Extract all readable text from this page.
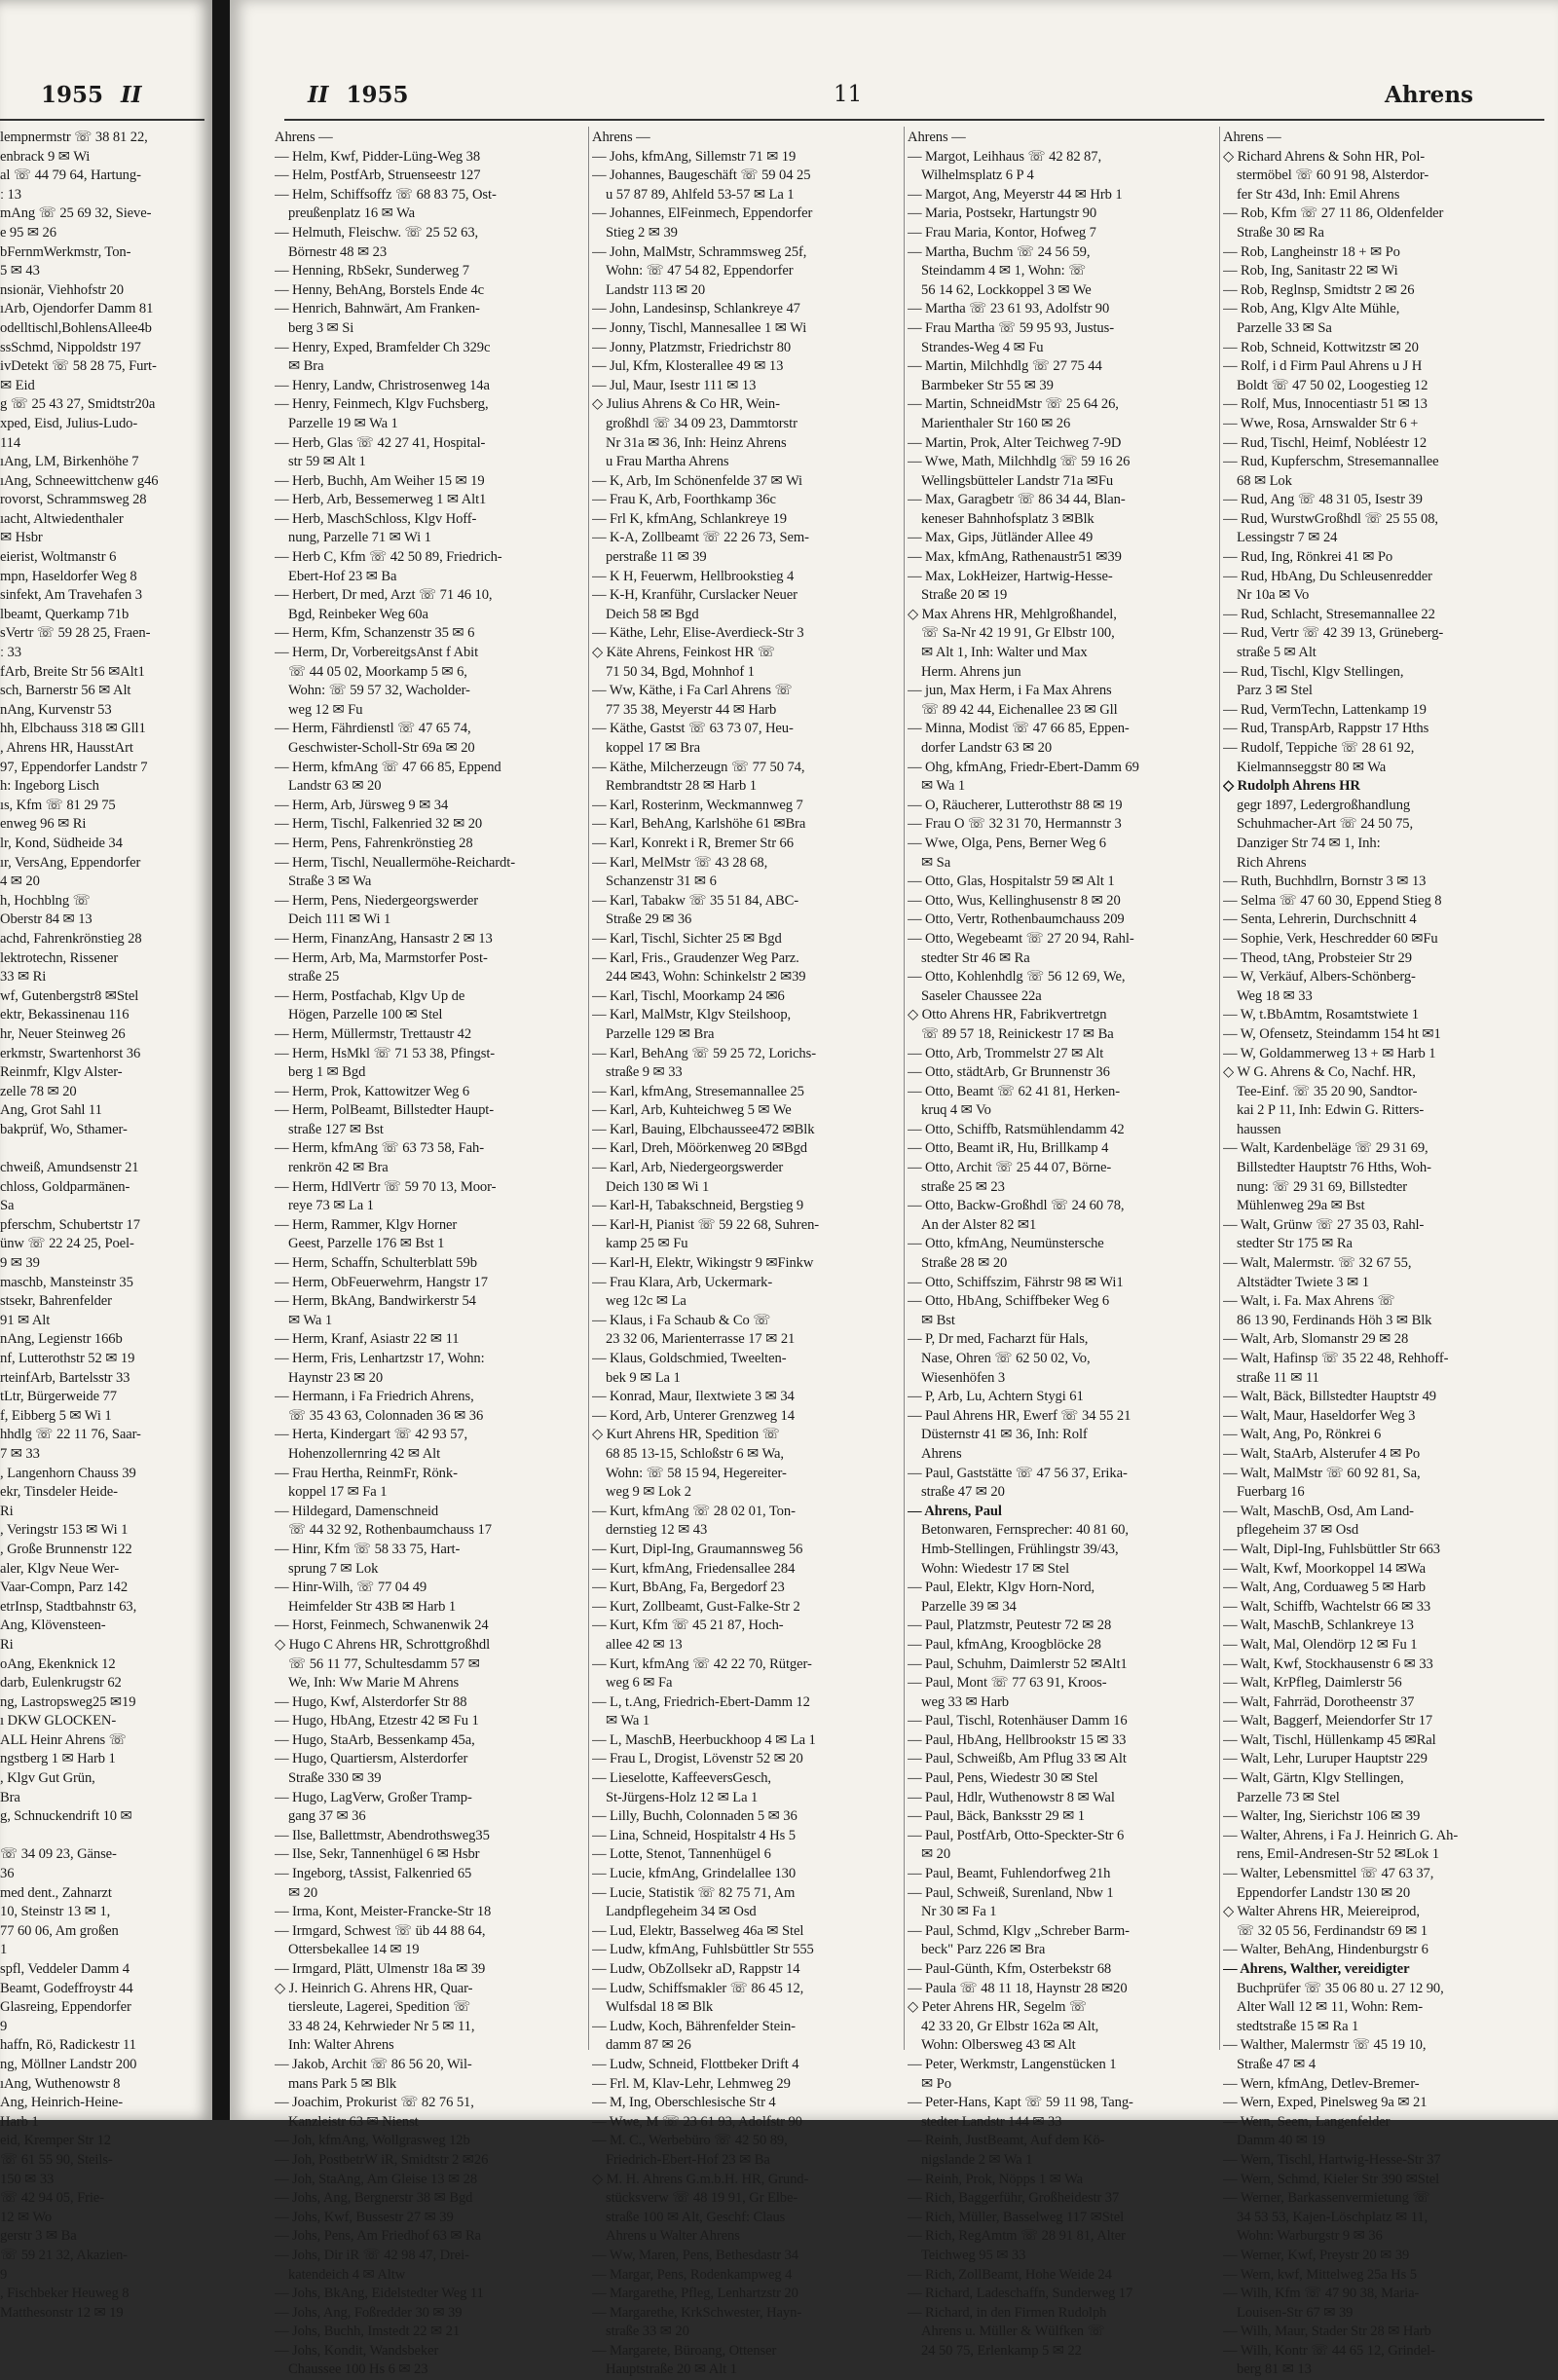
1955 II
lempnermstr ☏ 38 81 22,
enbrack 9 ✉ Wi
al ☏ 44 79 64, Hartung-
ː 13
mAng ☏ 25 69 32, Sieve-
e 95 ✉ 26
bFernmWerkmstr, Ton-
5 ✉ 43
nsionär, Viehhofstr 20
ıArb, Ojendorfer Damm 81
odelltischl,BohlensAllee4b
ssSchmd, Nippoldstr 197
ivDetekt ☏ 58 28 75, Furt-
✉ Eid
g ☏ 25 43 27, Smidtstr20a
xped, Eisd, Julius-Ludo-
114
ıAng, LM, Birkenhöhe 7
ıAng, Schneewittchenw g46
rovorst, Schrammsweg 28
ıacht, Altwiedenthaler
✉ Hsbr
eierist, Woltmanstr 6
mpn, Haseldorfer Weg 8
sinfekt, Am Travehafen 3
lbeamt, Querkamp 71b
sVertr ☏ 59 28 25, Fraen-
ː 33
fArb, Breite Str 56 ✉Alt1
sch, Barnerstr 56 ✉ Alt
nAng, Kurvenstr 53
hh, Elbchauss 318 ✉ Gll1
, Ahrens HR, HausstArt
97, Eppendorfer Landstr 7
h: Ingeborg Lisch
ıs, Kfm ☏ 81 29 75
enweg 96 ✉ Ri
lr, Kond, Südheide 34
ır, VersAng, Eppendorfer
4 ✉ 20
h, Hochblng ☏
Oberstr 84 ✉ 13
achd, Fahrenkrönstieg 28
lektrotechn, Rissener
33 ✉ Ri
wf, Gutenbergstr8 ✉Stel
ektr, Bekassinenau 116
hr, Neuer Steinweg 26
erkmstr, Swartenhorst 36
Reinmfr, Klgv Alster-
zelle 78 ✉ 20
Ang, Grot Sahl 11
bakprüf, Wo, Sthamer-

chweiß, Amundsenstr 21
chloss, Goldparmänen-
Sa
pferschm, Schubertstr 17
ünw ☏ 22 24 25, Poel-
9 ✉ 39
maschb, Mansteinstr 35
stsekr, Bahrenfelder
91 ✉ Alt
nAng, Legienstr 166b
nf, Lutterothstr 52 ✉ 19
rteinfArb, Bartelsstr 33
tLtr, Bürgerweide 77
f, Eibberg 5 ✉ Wi 1
hhdlg ☏ 22 11 76, Saar-
7 ✉ 33
, Langenhorn Chauss 39
ekr, Tinsdeler Heide-
Ri
, Veringstr 153 ✉ Wi 1
, Große Brunnenstr 122
aler, Klgv Neue Wer-
Vaar-Compn, Parz 142
etrInsp, Stadtbahnstr 63,
Ang, Klövensteen-
Ri
oAng, Ekenknick 12
darb, Eulenkrugstr 62
ng, Lastropsweg25 ✉19
ı DKW GLOCKEN-
ALL Heinr Ahrens ☏
ngstberg 1 ✉ Harb 1
, Klgv Gut Grün,
Bra
g, Schnuckendrift 10 ✉

☏ 34 09 23, Gänse-
36
med dent., Zahnarzt
10, Steinstr 13 ✉ 1,
77 60 06, Am großen
1
spfl, Veddeler Damm 4
Beamt, Godeffroystr 44
Glasreing, Eppendorfer
9
haffn, Rö, Radickestr 11
ng, Möllner Landstr 200
ıAng, Wuthenowstr 8
Ang, Heinrich-Heine-
Harb 1
eid, Kremper Str 12
☏ 61 55 90, Steils-
150 ✉ 33
☏ 42 94 05, Frie-
12 ✉ Wo
gerstr 3 ✉ Ba
☏ 59 21 32, Akazien-
9
, Fischbeker Heuweg 8
Matthesonstr 12 ✉ 19
II 1955	11	Ahrens
Ahrens —
— Helm, Kwf, Pidder-Lüng-Weg 38
— Helm, PostfArb, Struenseestr 127
— Helm, Schiffsoffz ☏ 68 83 75, Ost-
preußenplatz 16 ✉ Wa
— Helmuth, Fleischw. ☏ 25 52 63,
Börnestr 48 ✉ 23
— Henning, RbSekr, Sunderweg 7
— Henny, BehAng, Borstels Ende 4c
— Henrich, Bahnwärt, Am Franken-
berg 3 ✉ Si
— Henry, Exped, Bramfelder Ch 329c
✉ Bra
— Henry, Landw, Christrosenweg 14a
— Henry, Feinmech, Klgv Fuchsberg,
Parzelle 19 ✉ Wa 1
— Herb, Glas ☏ 42 27 41, Hospital-
str 59 ✉ Alt 1
— Herb, Buchh, Am Weiher 15 ✉ 19
— Herb, Arb, Bessemerweg 1 ✉ Alt1
— Herb, MaschSchloss, Klgv Hoff-
nung, Parzelle 71 ✉ Wi 1
— Herb C, Kfm ☏ 42 50 89, Friedrich-
Ebert-Hof 23 ✉ Ba
— Herbert, Dr med, Arzt ☏ 71 46 10,
Bgd, Reinbeker Weg 60a
— Herm, Kfm, Schanzenstr 35 ✉ 6
— Herm, Dr, VorbereitgsAnst f Abit
☏ 44 05 02, Moorkamp 5 ✉ 6,
Wohn: ☏ 59 57 32, Wacholder-
weg 12 ✉ Fu
— Herm, Fährdienstl ☏ 47 65 74,
Geschwister-Scholl-Str 69a ✉ 20
— Herm, kfmAng ☏ 47 66 85, Eppend
Landstr 63 ✉ 20
— Herm, Arb, Jürsweg 9 ✉ 34
— Herm, Tischl, Falkenried 32 ✉ 20
— Herm, Pens, Fahrenkrönstieg 28
— Herm, Tischl, Neuallermöhe-Reichardt-
Straße 3 ✉ Wa
— Herm, Pens, Niedergeorgswerder
Deich 111 ✉ Wi 1
— Herm, FinanzAng, Hansastr 2 ✉ 13
— Herm, Arb, Ma, Marmstorfer Post-
straße 25
— Herm, Postfachab, Klgv Up de
Högen, Parzelle 100 ✉ Stel
— Herm, Müllermstr, Trettaustr 42
— Herm, HsMkl ☏ 71 53 38, Pfingst-
berg 1 ✉ Bgd
— Herm, Prok, Kattowitzer Weg 6
— Herm, PolBeamt, Billstedter Haupt-
straße 127 ✉ Bst
— Herm, kfmAng ☏ 63 73 58, Fah-
renkrön 42 ✉ Bra
— Herm, HdlVertr ☏ 59 70 13, Moor-
reye 73 ✉ La 1
— Herm, Rammer, Klgv Horner
Geest, Parzelle 176 ✉ Bst 1
— Herm, Schaffn, Schulterblatt 59b
— Herm, ObFeuerwehrm, Hangstr 17
— Herm, BkAng, Bandwirkerstr 54
✉ Wa 1
— Herm, Kranf, Asiastr 22 ✉ 11
— Herm, Fris, Lenhartzstr 17, Wohn:
Haynstr 23 ✉ 20
— Hermann, i Fa Friedrich Ahrens,
☏ 35 43 63, Colonnaden 36 ✉ 36
— Herta, Kindergart ☏ 42 93 57,
Hohenzollernring 42 ✉ Alt
— Frau Hertha, ReinmFr, Rönk-
koppel 17 ✉ Fa 1
— Hildegard, Damenschneid
☏ 44 32 92, Rothenbaumchauss 17
— Hinr, Kfm ☏ 58 33 75, Hart-
sprung 7 ✉ Lok
— Hinr-Wilh, ☏ 77 04 49
Heimfelder Str 43B ✉ Harb 1
— Horst, Feinmech, Schwanenwik 24
◇ Hugo C Ahrens HR, Schrottgroßhdl
☏ 56 11 77, Schultesdamm 57 ✉
We, Inh: Ww Marie M Ahrens
— Hugo, Kwf, Alsterdorfer Str 88
— Hugo, HbAng, Etzestr 42 ✉ Fu 1
— Hugo, StaArb, Bessenkamp 45a,
— Hugo, Quartiersm, Alsterdorfer
Straße 330 ✉ 39
— Hugo, LagVerw, Großer Tramp-
gang 37 ✉ 36
— Ilse, Ballettmstr, Abendrothsweg35
— Ilse, Sekr, Tannenhügel 6 ✉ Hsbr
— Ingeborg, tAssist, Falkenried 65
✉ 20
— Irma, Kont, Meister-Francke-Str 18
— Irmgard, Schwest ☏ üb 44 88 64,
Ottersbekallee 14 ✉ 19
— Irmgard, Plätt, Ulmenstr 18a ✉ 39
◇ J. Heinrich G. Ahrens HR, Quar-
tiersleute, Lagerei, Spedition ☏
33 48 24, Kehrwieder Nr 5 ✉ 11,
Inh: Walter Ahrens
— Jakob, Archit ☏ 86 56 20, Wil-
mans Park 5 ✉ Blk
— Joachim, Prokurist ☏ 82 76 51,
Kanzleistr 63 ✉ Nienst
— Joh, kfmAng, Wollgrasweg 12b
— Joh, PostbetrW iR, Smidtstr 2 ✉26
— Joh, StaAng, Am Gleise 13 ✉ 28
— Johs, Ang, Bergnerstr 38 ✉ Bgd
— Johs, Kwf, Bussestr 27 ✉ 39
— Johs, Pens, Am Friedhof 63 ✉ Ra
— Johs, Dir iR ☏ 42 98 47, Drei-
katendeich 4 ✉ Altw
— Johs, BkAng, Eidelstedter Weg 11
— Johs, Ang, Foßredder 30 ✉ 39
— Johs, Buchh, Imstedt 22 ✉ 21
— Johs, Kondit, Wandsbeker
Chaussee 100 Hs 6 ✉ 23
Ahrens —
— Johs, kfmAng, Sillemstr 71 ✉ 19
— Johannes, Baugeschäft ☏ 59 04 25
u 57 87 89, Ahlfeld 53-57 ✉ La 1
— Johannes, ElFeinmech, Eppendorfer
Stieg 2 ✉ 39
— John, MalMstr, Schrammsweg 25f,
Wohn: ☏ 47 54 82, Eppendorfer
Landstr 113 ✉ 20
— John, Landesinsp, Schlankreye 47
— Jonny, Tischl, Mannesallee 1 ✉ Wi
— Jonny, Platzmstr, Friedrichstr 80
— Jul, Kfm, Klosterallee 49 ✉ 13
— Jul, Maur, Isestr 111 ✉ 13
◇ Julius Ahrens & Co HR, Wein-
großhdl ☏ 34 09 23, Dammtorstr
Nr 31a ✉ 36, Inh: Heinz Ahrens
u Frau Martha Ahrens
— K, Arb, Im Schönenfelde 37 ✉ Wi
— Frau K, Arb, Foorthkamp 36c
— Frl K, kfmAng, Schlankreye 19
— K-A, Zollbeamt ☏ 22 26 73, Sem-
perstraße 11 ✉ 39
— K H, Feuerwm, Hellbrookstieg 4
— K-H, Kranführ, Curslacker Neuer
Deich 58 ✉ Bgd
— Käthe, Lehr, Elise-Averdieck-Str 3
◇ Käte Ahrens, Feinkost HR ☏
71 50 34, Bgd, Mohnhof 1
— Ww, Käthe, i Fa Carl Ahrens ☏
77 35 38, Meyerstr 44 ✉ Harb
— Käthe, Gastst ☏ 63 73 07, Heu-
koppel 17 ✉ Bra
— Käthe, Milcherzeugn ☏ 77 50 74,
Rembrandtstr 28 ✉ Harb 1
— Karl, Rosterinm, Weckmannweg 7
— Karl, BehAng, Karlshöhe 61 ✉Bra
— Karl, Konrekt i R, Bremer Str 66
— Karl, MelMstr ☏ 43 28 68,
Schanzenstr 31 ✉ 6
— Karl, Tabakw ☏ 35 51 84, ABC-
Straße 29 ✉ 36
— Karl, Tischl, Sichter 25 ✉ Bgd
— Karl, Fris., Graudenzer Weg Parz.
244 ✉43, Wohn: Schinkelstr 2 ✉39
— Karl, Tischl, Moorkamp 24 ✉6
— Karl, MalMstr, Klgv Steilshoop,
Parzelle 129 ✉ Bra
— Karl, BehAng ☏ 59 25 72, Lorichs-
straße 9 ✉ 33
— Karl, kfmAng, Stresemannallee 25
— Karl, Arb, Kuhteichweg 5 ✉ We
— Karl, Bauing, Elbchaussee472 ✉Blk
— Karl, Dreh, Möörkenweg 20 ✉Bgd
— Karl, Arb, Niedergeorgswerder
Deich 130 ✉ Wi 1
— Karl-H, Tabakschneid, Bergstieg 9
— Karl-H, Pianist ☏ 59 22 68, Suhren-
kamp 25 ✉ Fu
— Karl-H, Elektr, Wikingstr 9 ✉Finkw
— Frau Klara, Arb, Uckermark-
weg 12c ✉ La
— Klaus, i Fa Schaub & Co ☏
23 32 06, Marienterrasse 17 ✉ 21
— Klaus, Goldschmied, Tweelten-
bek 9 ✉ La 1
— Konrad, Maur, Ilextwiete 3 ✉ 34
— Kord, Arb, Unterer Grenzweg 14
◇ Kurt Ahrens HR, Spedition ☏
68 85 13-15, Schloßstr 6 ✉ Wa,
Wohn: ☏ 58 15 94, Hegereiter-
weg 9 ✉ Lok 2
— Kurt, kfmAng ☏ 28 02 01, Ton-
dernstieg 12 ✉ 43
— Kurt, Dipl-Ing, Graumannsweg 56
— Kurt, kfmAng, Friedensallee 284
— Kurt, BbAng, Fa, Bergedorf 23
— Kurt, Zollbeamt, Gust-Falke-Str 2
— Kurt, Kfm ☏ 45 21 87, Hoch-
allee 42 ✉ 13
— Kurt, kfmAng ☏ 42 22 70, Rütger-
weg 6 ✉ Fa
— L, t.Ang, Friedrich-Ebert-Damm 12
✉ Wa 1
— L, MaschB, Heerbuckhoop 4 ✉ La 1
— Frau L, Drogist, Lövenstr 52 ✉ 20
— Lieselotte, KaffeeversGesch,
St-Jürgens-Holz 12 ✉ La 1
— Lilly, Buchh, Colonnaden 5 ✉ 36
— Lina, Schneid, Hospitalstr 4 Hs 5
— Lotte, Stenot, Tannenhügel 6
— Lucie, kfmAng, Grindelallee 130
— Lucie, Statistik ☏ 82 75 71, Am
Landpflegeheim 34 ✉ Osd
— Lud, Elektr, Basselweg 46a ✉ Stel
— Ludw, kfmAng, Fuhlsbüttler Str 555
— Ludw, ObZollsekr aD, Rappstr 14
— Ludw, Schiffsmakler ☏ 86 45 12,
Wulfsdal 18 ✉ Blk
— Ludw, Koch, Bährenfelder Stein-
damm 87 ✉ 26
— Ludw, Schneid, Flottbeker Drift 4
— Frl. M, Klav-Lehr, Lehmweg 29
— M, Ing, Oberschlesische Str 4
— Wwe, M ☏ 23 61 93, Adolfstr 90
— M. C., Werbebüro ☏ 42 50 89,
Friedrich-Ebert-Hof 23 ✉ Ba
◇ M. H. Ahrens G.m.b.H. HR, Grund-
stücksverw ☏ 48 19 91, Gr Elbe-
straße 100 ✉ Alt, Geschf: Claus
Ahrens u Walter Ahrens
— Ww, Maren, Pens, Bethesdastr 34
— Margar, Pens, Rodenkampweg 4
— Margarethe, Pfleg, Lenhartzstr 20
— Margarethe, KrkSchwester, Hayn-
straße 33 ✉ 20
— Margarete, Büroang, Ottenser
Hauptstraße 20 ✉ Alt 1
Ahrens —
— Margot, Leihhaus ☏ 42 82 87,
Wilhelmsplatz 6 P 4
— Margot, Ang, Meyerstr 44 ✉ Hrb 1
— Maria, Postsekr, Hartungstr 90
— Frau Maria, Kontor, Hofweg 7
— Martha, Buchm ☏ 24 56 59,
Steindamm 4 ✉ 1, Wohn: ☏
56 14 62, Lockkoppel 3 ✉ We
— Martha ☏ 23 61 93, Adolfstr 90
— Frau Martha ☏ 59 95 93, Justus-
Strandes-Weg 4 ✉ Fu
— Martin, Milchhdlg ☏ 27 75 44
Barmbeker Str 55 ✉ 39
— Martin, SchneidMstr ☏ 25 64 26,
Marienthaler Str 160 ✉ 26
— Martin, Prok, Alter Teichweg 7-9D
— Wwe, Math, Milchhdlg ☏ 59 16 26
Wellingsbütteler Landstr 71a ✉Fu
— Max, Garagbetr ☏ 86 34 44, Blan-
keneser Bahnhofsplatz 3 ✉Blk
— Max, Gips, Jütländer Allee 49
— Max, kfmAng, Rathenaustr51 ✉39
— Max, LokHeizer, Hartwig-Hesse-
Straße 20 ✉ 19
◇ Max Ahrens HR, Mehlgroßhandel,
☏ Sa-Nr 42 19 91, Gr Elbstr 100,
✉ Alt 1, Inh: Walter und Max
Herm. Ahrens jun
— jun, Max Herm, i Fa Max Ahrens
☏ 89 42 44, Eichenallee 23 ✉ Gll
— Minna, Modist ☏ 47 66 85, Eppen-
dorfer Landstr 63 ✉ 20
— Ohg, kfmAng, Friedr-Ebert-Damm 69
✉ Wa 1
— O, Räucherer, Lutterothstr 88 ✉ 19
— Frau O ☏ 32 31 70, Hermannstr 3
— Wwe, Olga, Pens, Berner Weg 6
✉ Sa
— Otto, Glas, Hospitalstr 59 ✉ Alt 1
— Otto, Wus, Kellinghusenstr 8 ✉ 20
— Otto, Vertr, Rothenbaumchauss 209
— Otto, Wegebeamt ☏ 27 20 94, Rahl-
stedter Str 46 ✉ Ra
— Otto, Kohlenhdlg ☏ 56 12 69, We,
Saseler Chaussee 22a
◇ Otto Ahrens HR, Fabrikvertretgn
☏ 89 57 18, Reinickestr 17 ✉ Ba
— Otto, Arb, Trommelstr 27 ✉ Alt
— Otto, städtArb, Gr Brunnenstr 36
— Otto, Beamt ☏ 62 41 81, Herken-
kruq 4 ✉ Vo
— Otto, Schiffb, Ratsmühlendamm 42
— Otto, Beamt iR, Hu, Brillkamp 4
— Otto, Archit ☏ 25 44 07, Börne-
straße 25 ✉ 23
— Otto, Backw-Großhdl ☏ 24 60 78,
An der Alster 82 ✉1
— Otto, kfmAng, Neumünstersche
Straße 28 ✉ 20
— Otto, Schiffszim, Fährstr 98 ✉ Wi1
— Otto, HbAng, Schiffbeker Weg 6
✉ Bst
— P, Dr med, Facharzt für Hals,
Nase, Ohren ☏ 62 50 02, Vo,
Wiesenhöfen 3
— P, Arb, Lu, Achtern Stygi 61
— Paul Ahrens HR, Ewerf ☏ 34 55 21
Düsternstr 41 ✉ 36, Inh: Rolf
Ahrens
— Paul, Gaststätte ☏ 47 56 37, Erika-
straße 47 ✉ 20
— Ahrens, Paul
Betonwaren, Fernsprecher: 40 81 60,
Hmb-Stellingen, Frühlingstr 39/43,
Wohn: Wiedestr 17 ✉ Stel
— Paul, Elektr, Klgv Horn-Nord,
Parzelle 39 ✉ 34
— Paul, Platzmstr, Peutestr 72 ✉ 28
— Paul, kfmAng, Kroogblöcke 28
— Paul, Schuhm, Daimlerstr 52 ✉Alt1
— Paul, Mont ☏ 77 63 91, Kroos-
weg 33 ✉ Harb
— Paul, Tischl, Rotenhäuser Damm 16
— Paul, HbAng, Hellbrookstr 15 ✉ 33
— Paul, Schweißb, Am Pflug 33 ✉ Alt
— Paul, Pens, Wiedestr 30 ✉ Stel
— Paul, Hdlr, Wuthenowstr 8 ✉ Wal
— Paul, Bäck, Banksstr 29 ✉ 1
— Paul, PostfArb, Otto-Speckter-Str 6
✉ 20
— Paul, Beamt, Fuhlendorfweg 21h
— Paul, Schweiß, Surenland, Nbw 1
Nr 30 ✉ Fa 1
— Paul, Schmd, Klgv „Schreber Barm-
beck" Parz 226 ✉ Bra
— Paul-Günth, Kfm, Osterbekstr 68
— Paula ☏ 48 11 18, Haynstr 28 ✉20
◇ Peter Ahrens HR, Segelm ☏
42 33 20, Gr Elbstr 162a ✉ Alt,
Wohn: Olbersweg 43 ✉ Alt
— Peter, Werkmstr, Langenstücken 1
✉ Po
— Peter-Hans, Kapt ☏ 59 11 98, Tang-
stedter Landstr 144 ✉ 33
— Reinh, JustBeamt, Auf dem Kö-
nigslande 2 ✉ Wa 1
— Reinh, Prok, Nöpps 1 ✉ Wa
— Rich, Baggerführ, Großheidestr 37
— Rich, Müller, Basselweg 117 ✉Stel
— Rich, RegAmtm ☏ 28 91 81, Alter
Teichweg 95 ✉ 33
— Rich, ZollBeamt, Hohe Weide 24
— Richard, Ladeschaffn, Sunderweg 17
— Richard, in den Firmen Rudolph
Ahrens u. Müller & Wülfken ☏
24 50 75, Erlenkamp 5 ✉ 22
Ahrens —
◇ Richard Ahrens & Sohn HR, Pol-
stermöbel ☏ 60 91 98, Alsterdor-
fer Str 43d, Inh: Emil Ahrens
— Rob, Kfm ☏ 27 11 86, Oldenfelder
Straße 30 ✉ Ra
— Rob, Langheinstr 18 + ✉ Po
— Rob, Ing, Sanitastr 22 ✉ Wi
— Rob, Reglnsp, Smidtstr 2 ✉ 26
— Rob, Ang, Klgv Alte Mühle,
Parzelle 33 ✉ Sa
— Rob, Schneid, Kottwitzstr ✉ 20
— Rolf, i d Firm Paul Ahrens u J H
Boldt ☏ 47 50 02, Loogestieg 12
— Rolf, Mus, Innocentiastr 51 ✉ 13
— Wwe, Rosa, Arnswalder Str 6 +
— Rud, Tischl, Heimf, Nobléestr 12
— Rud, Kupferschm, Stresemannallee
68 ✉ Lok
— Rud, Ang ☏ 48 31 05, Isestr 39
— Rud, WurstwGroßhdl ☏ 25 55 08,
Lessingstr 7 ✉ 24
— Rud, Ing, Rönkrei 41 ✉ Po
— Rud, HbAng, Du Schleusenredder
Nr 10a ✉ Vo
— Rud, Schlacht, Stresemannallee 22
— Rud, Vertr ☏ 42 39 13, Grüneberg-
straße 5 ✉ Alt
— Rud, Tischl, Klgv Stellingen,
Parz 3 ✉ Stel
— Rud, VermTechn, Lattenkamp 19
— Rud, TranspArb, Rappstr 17 Hths
— Rudolf, Teppiche ☏ 28 61 92,
Kielmannseggstr 80 ✉ Wa
◇ Rudolph Ahrens HR
gegr 1897, Ledergroßhandlung
Schuhmacher-Art ☏ 24 50 75,
Danziger Str 74 ✉ 1, Inh:
Rich Ahrens
— Ruth, Buchhdlrn, Bornstr 3 ✉ 13
— Selma ☏ 47 60 30, Eppend Stieg 8
— Senta, Lehrerin, Durchschnitt 4
— Sophie, Verk, Heschredder 60 ✉Fu
— Theod, tAng, Probsteier Str 29
— W, Verkäuf, Albers-Schönberg-
Weg 18 ✉ 33
— W, t.BbAmtm, Rosamtstwiete 1
— W, Ofensetz, Steindamm 154 ht ✉1
— W, Goldammerweg 13 + ✉ Harb 1
◇ W G. Ahrens & Co, Nachf. HR,
Tee-Einf. ☏ 35 20 90, Sandtor-
kai 2 P 11, Inh: Edwin G. Ritters-
haussen
— Walt, Kardenbeläge ☏ 29 31 69,
Billstedter Hauptstr 76 Hths, Woh-
nung: ☏ 29 31 69, Billstedter
Mühlenweg 29a ✉ Bst
— Walt, Grünw ☏ 27 35 03, Rahl-
stedter Str 175 ✉ Ra
— Walt, Malermstr. ☏ 32 67 55,
Altstädter Twiete 3 ✉ 1
— Walt, i. Fa. Max Ahrens ☏
86 13 90, Ferdinands Höh 3 ✉ Blk
— Walt, Arb, Slomanstr 29 ✉ 28
— Walt, Hafinsp ☏ 35 22 48, Rehhoff-
straße 11 ✉ 11
— Walt, Bäck, Billstedter Hauptstr 49
— Walt, Maur, Haseldorfer Weg 3
— Walt, Ang, Po, Rönkrei 6
— Walt, StaArb, Alsterufer 4 ✉ Po
— Walt, MalMstr ☏ 60 92 81, Sa,
Fuerbarg 16
— Walt, MaschB, Osd, Am Land-
pflegeheim 37 ✉ Osd
— Walt, Dipl-Ing, Fuhlsbüttler Str 663
— Walt, Kwf, Moorkoppel 14 ✉Wa
— Walt, Ang, Corduaweg 5 ✉ Harb
— Walt, Schiffb, Wachtelstr 66 ✉ 33
— Walt, MaschB, Schlankreye 13
— Walt, Mal, Olendörp 12 ✉ Fu 1
— Walt, Kwf, Stockhausenstr 6 ✉ 33
— Walt, KrPfleg, Daimlerstr 56
— Walt, Fahrräd, Dorotheenstr 37
— Walt, Baggerf, Meiendorfer Str 17
— Walt, Tischl, Hüllenkamp 45 ✉Ral
— Walt, Lehr, Luruper Hauptstr 229
— Walt, Gärtn, Klgv Stellingen,
Parzelle 73 ✉ Stel
— Walter, Ing, Sierichstr 106 ✉ 39
— Walter, Ahrens, i Fa J. Heinrich G. Ah-
rens, Emil-Andresen-Str 52 ✉Lok 1
— Walter, Lebensmittel ☏ 47 63 37,
Eppendorfer Landstr 130 ✉ 20
◇ Walter Ahrens HR, Meiereiprod,
☏ 32 05 56, Ferdinandstr 69 ✉ 1
— Walter, BehAng, Hindenburgstr 6
— Ahrens, Walther, vereidigter
Buchprüfer ☏ 35 06 80 u. 27 12 90,
Alter Wall 12 ✉ 11, Wohn: Rem-
stedtstraße 15 ✉ Ra 1
— Walther, Malermstr ☏ 45 19 10,
Straße 47 ✉ 4
— Wern, kfmAng, Detlev-Bremer-
— Wern, Exped, Pinelsweg 9a ✉ 21
— Wern, Seem, Langenfelder
Damm 40 ✉ 19
— Wern, Tischl, Hartwig-Hesse-Str 37
— Wern, Schmd, Kieler Str 390 ✉Stel
— Werner, Barkassenvermietung ☏
34 53 53, Kajen-Löschplatz ✉ 11,
Wohn: Warburgstr 9 ✉ 36
— Werner, Kwf, Preystr 20 ✉ 39
— Wern, kwf, Mittelweg 25a Hs 5
— Wilh, Kfm ☏ 47 90 38, Maria-
Louisen-Str 67 ✉ 39
— Wilh, Maur, Stader Str 28 ✉ Harb
— Wilh, Kontr ☏ 44 65 12, Grindel-
berg 81 ✉ 13
